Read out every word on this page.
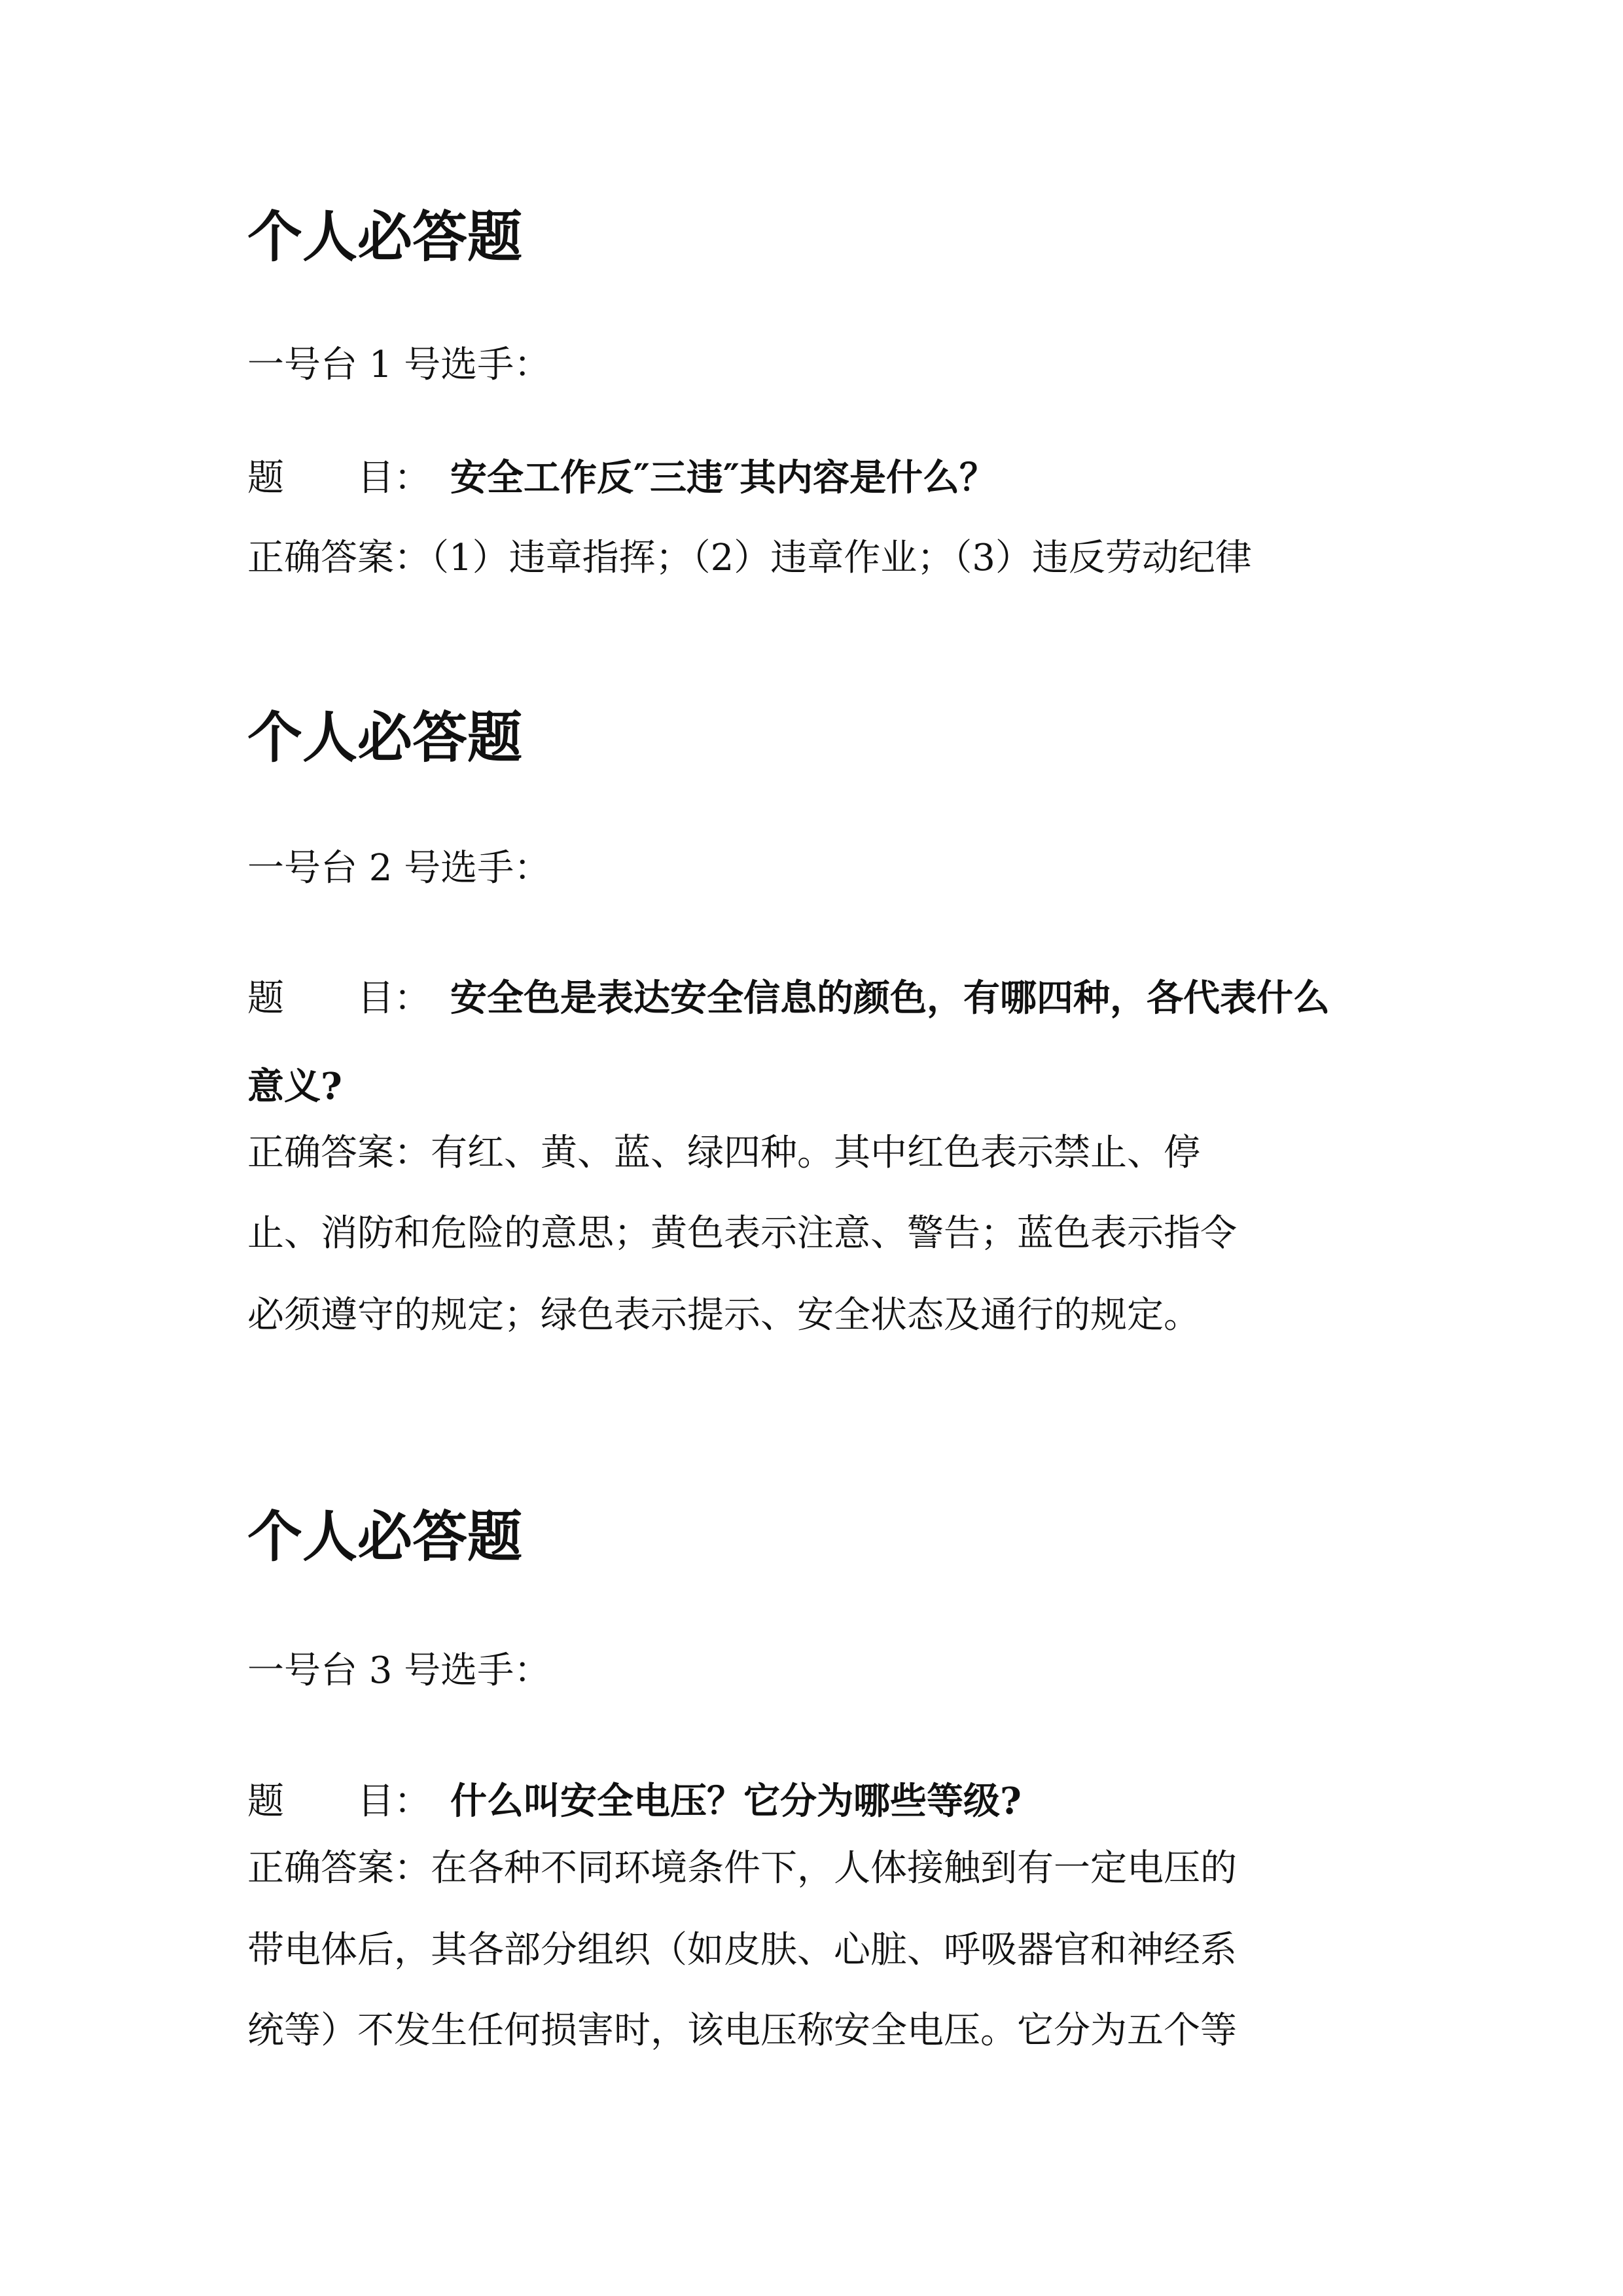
个人必答题

一号台 1 号选手：

题　　目： 安全工作反″三违″其内容是什么？

正确答案：（1）违章指挥；（2）违章作业；（3）违反劳动纪律

个人必答题

一号台 2 号选手：

题　　目： 安全色是表达安全信息的颜色，有哪四种，各代表什么

意义?

正确答案：有红、黄、蓝、绿四种。其中红色表示禁止、停

止、消防和危险的意思；黄色表示注意、警告；蓝色表示指令

必须遵守的规定；绿色表示提示、安全状态及通行的规定。

个人必答题

一号台 3 号选手：

题　　目： 什么叫安全电压？它分为哪些等级?

正确答案：在各种不同环境条件下，人体接触到有一定电压的

带电体后，其各部分组织（如皮肤、心脏、呼吸器官和神经系

统等）不发生任何损害时，该电压称安全电压。它分为五个等
